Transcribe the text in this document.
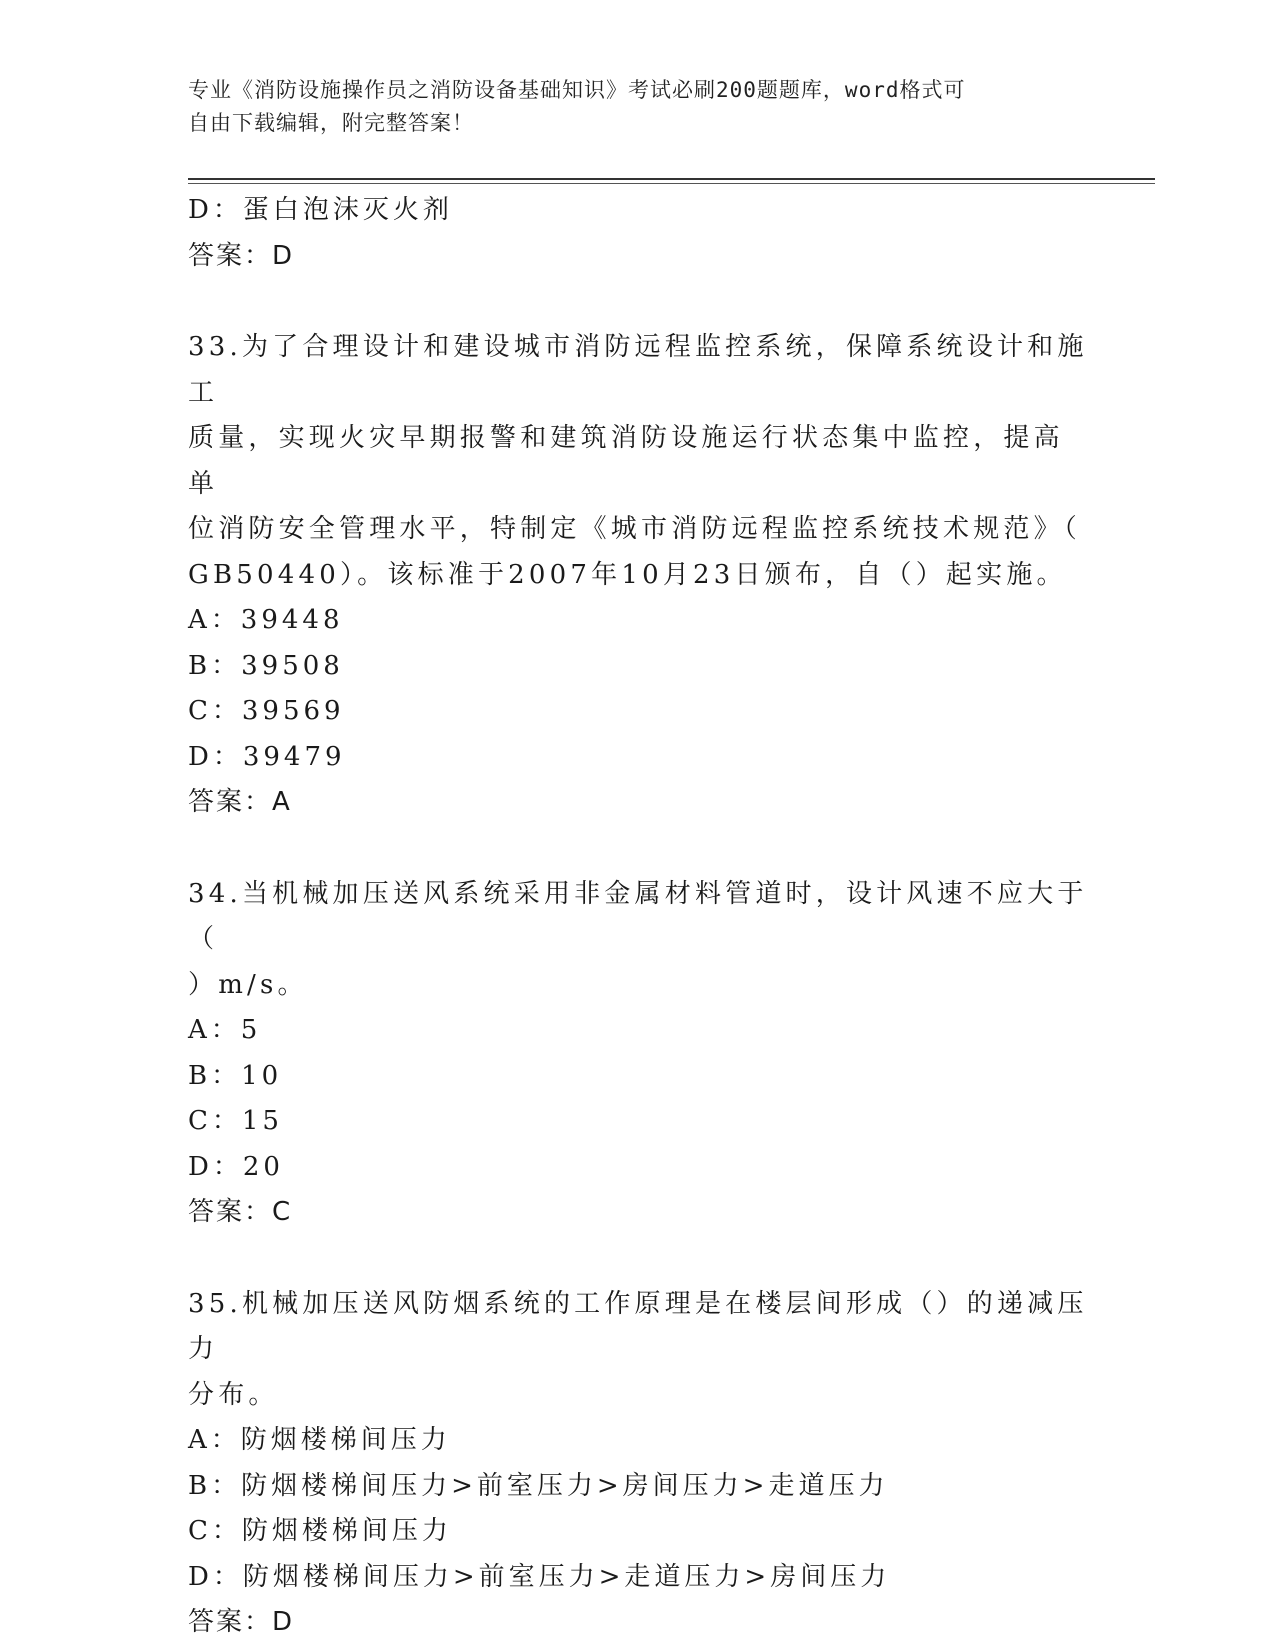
专业《消防设施操作员之消防设备基础知识》考试必刷200题题库，word格式可
自由下载编辑，附完整答案！
D：蛋白泡沫灭火剂
答案：D
33.为了合理设计和建设城市消防远程监控系统，保障系统设计和施工
质量，实现火灾早期报警和建筑消防设施运行状态集中监控，提高单
位消防安全管理水平，特制定《城市消防远程监控系统技术规范》（
GB50440）。该标准于2007年10月23日颁布，自（）起实施。
A：39448
B：39508
C：39569
D：39479
答案：A
34.当机械加压送风系统采用非金属材料管道时，设计风速不应大于（
）m/s。
A：5
B：10
C：15
D：20
答案：C
35.机械加压送风防烟系统的工作原理是在楼层间形成（）的递减压力
分布。
A：防烟楼梯间压力
B：防烟楼梯间压力>前室压力>房间压力>走道压力
C：防烟楼梯间压力
D：防烟楼梯间压力>前室压力>走道压力>房间压力
答案：D
